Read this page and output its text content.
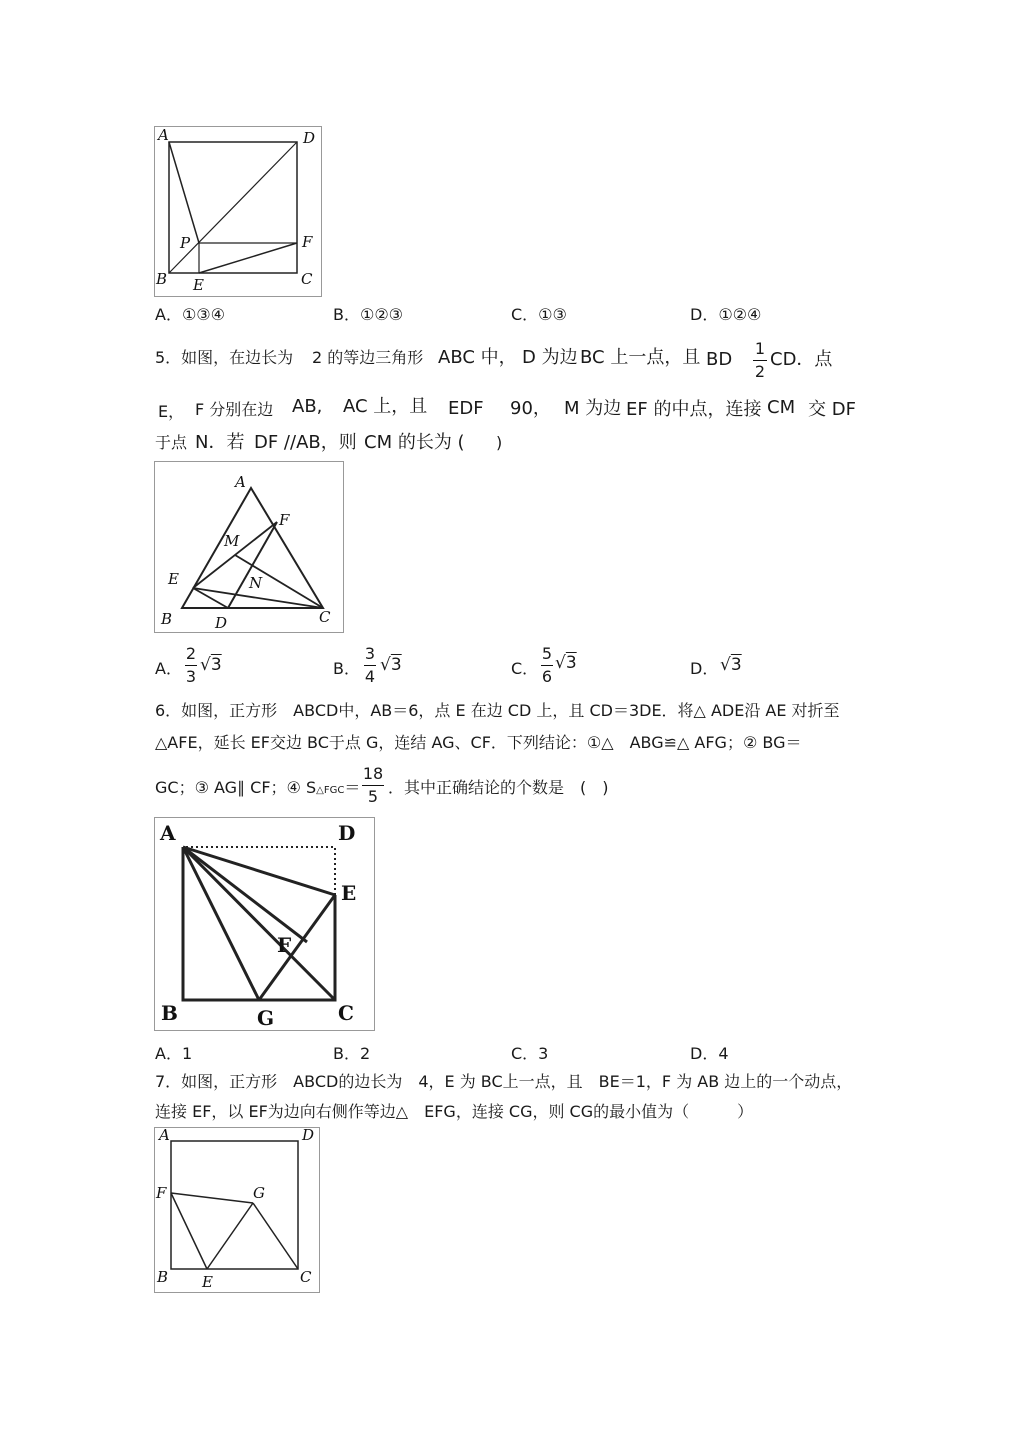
A	D
P	F
B E	C
A．①③④	B．①②③	C．①③	D．①②④
5．如图，在边长为 2 的等边三角形 ABC 中， D 为边 BC 上一点，且 BD
1
2
CD．点
E， F 分别在边 AB, AC 上，且 EDF 90， M 为边 EF 的中点，连接 CM 交 DF
于点 N．若 DF //AB，则 CM 的长为 ( )
A
F
M
E	N
B	D	C
A．
2
3
√3	B．
3
4
√3	C．
5
6
√3	D． √3
6．如图，正方形　ABCD中，AB＝6，点 E 在边 CD 上，且 CD＝3DE．将△ ADE沿 AE 对折至
△AFE，延长 EF交边 BC于点 G，连结 AG、CF．下列结论：①△　ABG≌△ AFG；② BG＝
GC；③ AG∥ CF；④ S△FGC＝
18
5 ．其中正确结论的个数是　(　)
A	D
E
F
B	G	C
A．1	B．2	C．3	D．4
7．如图，正方形　ABCD的边长为　4，E 为 BC上一点，且　BE＝1，F 为 AB 边上的一个动点，
连接 EF，以 EF为边向右侧作等边△　EFG，连接 CG，则 CG的最小值为（　　　）
A	D
F	G
B E	C
